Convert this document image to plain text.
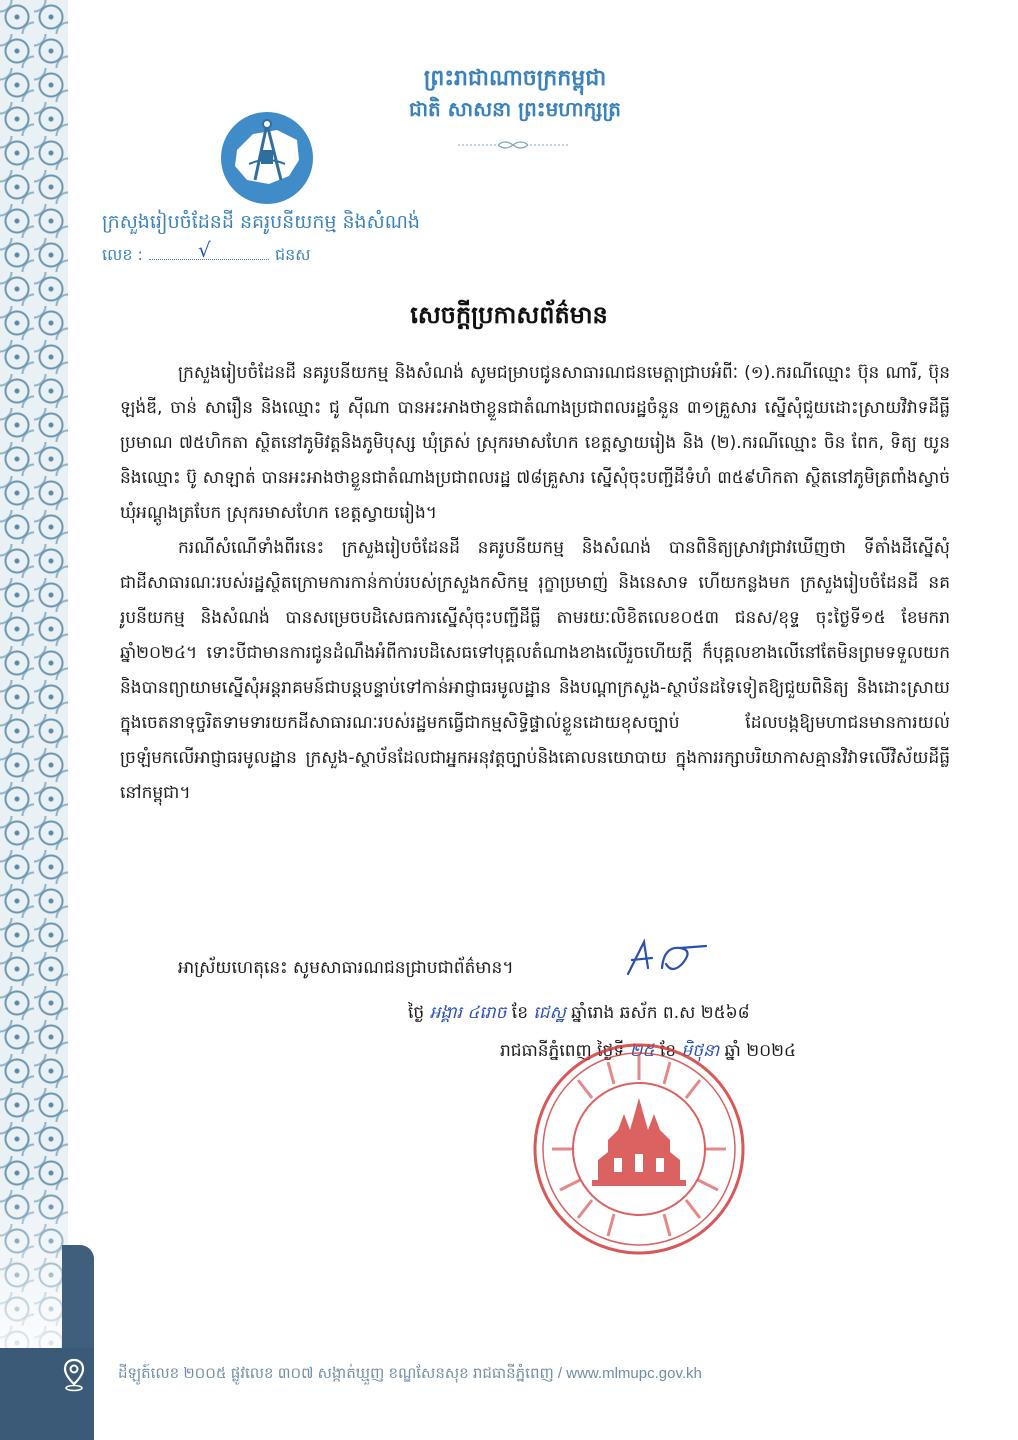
ដីឡូត៍លេខ ២០០៥ ផ្លូវលេខ ៣០៧ សង្កាត់ឃ្មួញ ខណ្ឌសែនសុខ រាជធានីភ្នំពេញ / www.mlmupc.gov.kh
ព្រះរាជាណាចក្រកម្ពុជា
ជាតិ សាសនា ព្រះមហាក្សត្រ
ក្រសួងរៀបចំដែនដី នគរូបនីយកម្ម និងសំណង់
លេខ :	ជនស
√
សេចក្តីប្រកាសព័ត៌មាន

ក្រសួងរៀបចំដែនដី នគរូបនីយកម្ម និងសំណង់ សូមជម្រាបជូនសាធារណជនមេត្តាជ្រាបអំពីៈ (១).ករណីឈ្មោះ ប៊ុន ណារី, ប៊ុន ឡង់ឌី, ចាន់ សារឿន និងឈ្មោះ ជូ ស៊ីណា បានអះអាងថាខ្លួនជាតំណាងប្រជាពលរដ្ឋចំនួន ៣១គ្រួសារ ស្នើសុំជួយដោះស្រាយវិវាទដីធ្លីប្រមាណ ៧៥ហិកតា ស្ថិតនៅភូមិវត្តនិងភូមិបុស្ស ឃុំត្រស់ ស្រុករមាសហែក ខេត្តស្វាយរៀង និង (២).ករណីឈ្មោះ ចិន ពែក, ទិត្យ យូន និងឈ្មោះ ប៊ូ សាឡាត់ បានអះអាងថាខ្លួនជាតំណាងប្រជាពលរដ្ឋ ៧៨គ្រួសារ ស្នើសុំចុះបញ្ជីដីទំហំ ៣៥៩ហិកតា ស្ថិតនៅភូមិត្រពាំងស្វាច់ ឃុំអណ្តូងត្របែក ស្រុករមាសហែក ខេត្តស្វាយរៀង។

ករណីសំណើទាំងពីរនេះ ក្រសួងរៀបចំដែនដី នគរូបនីយកម្ម និងសំណង់ បានពិនិត្យស្រាវជ្រាវឃើញថា ទីតាំងដីស្នើសុំជាដីសាធារណៈរបស់រដ្ឋស្ថិតក្រោមការកាន់កាប់របស់ក្រសួងកសិកម្ម រុក្ខាប្រមាញ់ និងនេសាទ ហើយកន្លងមក ក្រសួងរៀបចំដែនដី នគរូបនីយកម្ម និងសំណង់ បានសម្រេចបដិសេធការស្នើសុំចុះបញ្ជីដីធ្លី តាមរយៈលិខិតលេខ០៥៣ ជនស/ខុទ្ទ ចុះថ្ងៃទី១៥ ខែមករា ឆ្នាំ២០២៤។ ទោះបីជាមានការជូនដំណឹងអំពីការបដិសេធទៅបុគ្គលតំណាងខាងលើរួចហើយក្តី ក៏បុគ្គលខាងលើនៅតែមិនព្រមទទួលយក និងបានព្យាយាមស្នើសុំអន្តរាគមន៍ជាបន្តបន្ទាប់ទៅកាន់អាជ្ញាធរមូលដ្ឋាន និងបណ្តាក្រសួង-ស្ថាប័នដទៃទៀតឱ្យជួយពិនិត្យ និងដោះស្រាយ ក្នុងចេតនាទុច្ចរិតទាមទារយកដីសាធារណៈរបស់រដ្ឋមកធ្វើជាកម្មសិទ្ធិផ្ទាល់ខ្លួនដោយខុសច្បាប់ ដែលបង្កឱ្យមហាជនមានការយល់ច្រឡំមកលើអាជ្ញាធរមូលដ្ឋាន ក្រសួង-ស្ថាប័នដែលជាអ្នកអនុវត្តច្បាប់និងគោលនយោបាយ ក្នុងការរក្សាបរិយាកាសគ្មានវិវាទលើវិស័យដីធ្លីនៅកម្ពុជា។

អាស្រ័យហេតុនេះ សូមសាធារណជនជ្រាបជាព័ត៌មាន។
ថ្ងៃ អង្គារ ៤រោច ខែ ជេស្ឋ ឆ្នាំរោង ឆស័ក ព.ស ២៥៦៨
រាជធានីភ្នំពេញ ថ្ងៃទី ២៥ ខែ មិថុនា ឆ្នាំ ២០២៤
